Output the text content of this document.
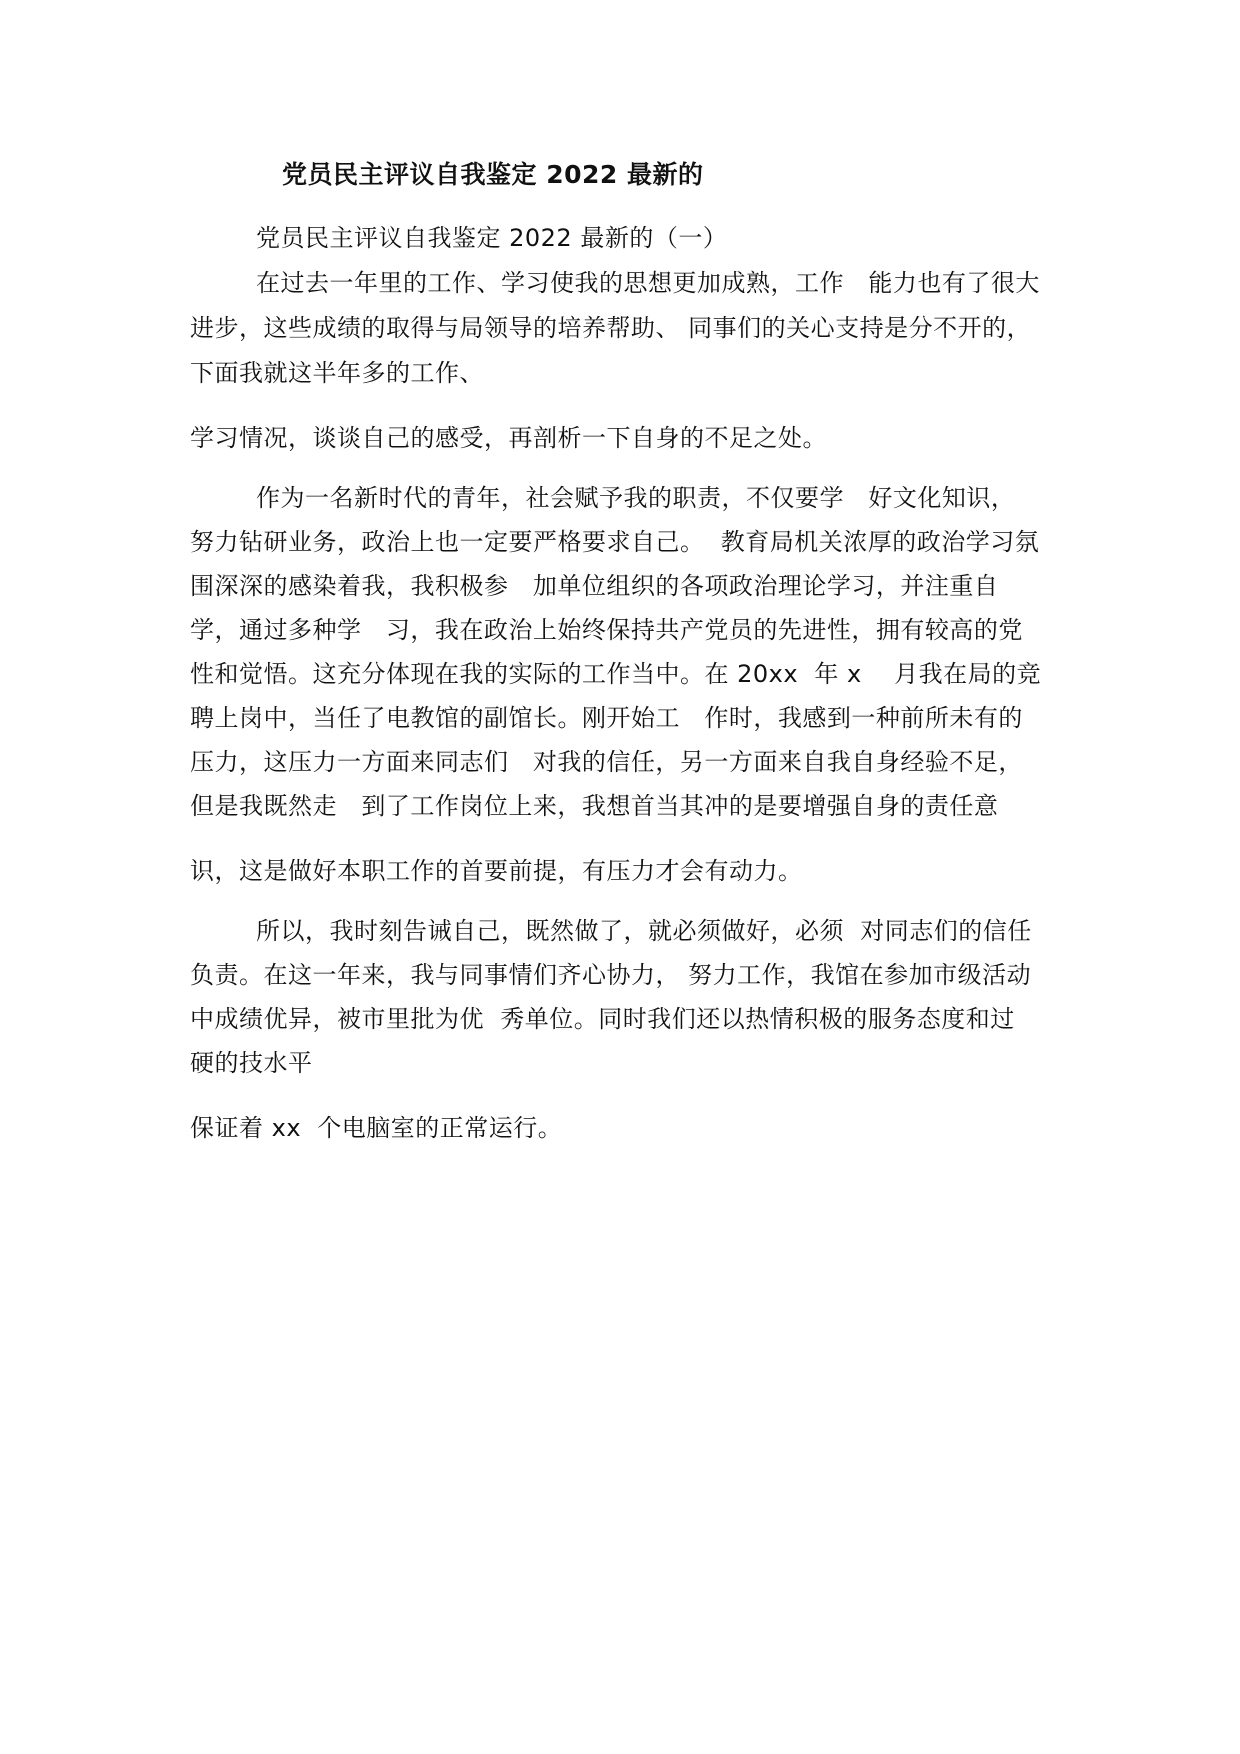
党员民主评议自我鉴定 2022 最新的
党员民主评议自我鉴定 2022 最新的（一）
在过去一年里的工作、学习使我的思想更加成熟，工作   能力也有了很大
进步，这些成绩的取得与局领导的培养帮助、 同事们的关心支持是分不开的，
下面我就这半年多的工作、
学习情况，谈谈自己的感受，再剖析一下自身的不足之处。
作为一名新时代的青年，社会赋予我的职责，不仅要学   好文化知识，
努力钻研业务，政治上也一定要严格要求自己。  教育局机关浓厚的政治学习氛
围深深的感染着我，我积极参   加单位组织的各项政治理论学习，并注重自
学，通过多种学   习，我在政治上始终保持共产党员的先进性，拥有较高的党
性和觉悟。这充分体现在我的实际的工作当中。在 20xx  年 x    月我在局的竞
聘上岗中，当任了电教馆的副馆长。刚开始工   作时，我感到一种前所未有的
压力，这压力一方面来同志们   对我的信任，另一方面来自我自身经验不足，
但是我既然走   到了工作岗位上来，我想首当其冲的是要增强自身的责任意
识，这是做好本职工作的首要前提，有压力才会有动力。
所以，我时刻告诫自己，既然做了，就必须做好，必须  对同志们的信任
负责。在这一年来，我与同事情们齐心协力， 努力工作，我馆在参加市级活动
中成绩优异，被市里批为优  秀单位。同时我们还以热情积极的服务态度和过
硬的技水平
保证着 xx  个电脑室的正常运行。
